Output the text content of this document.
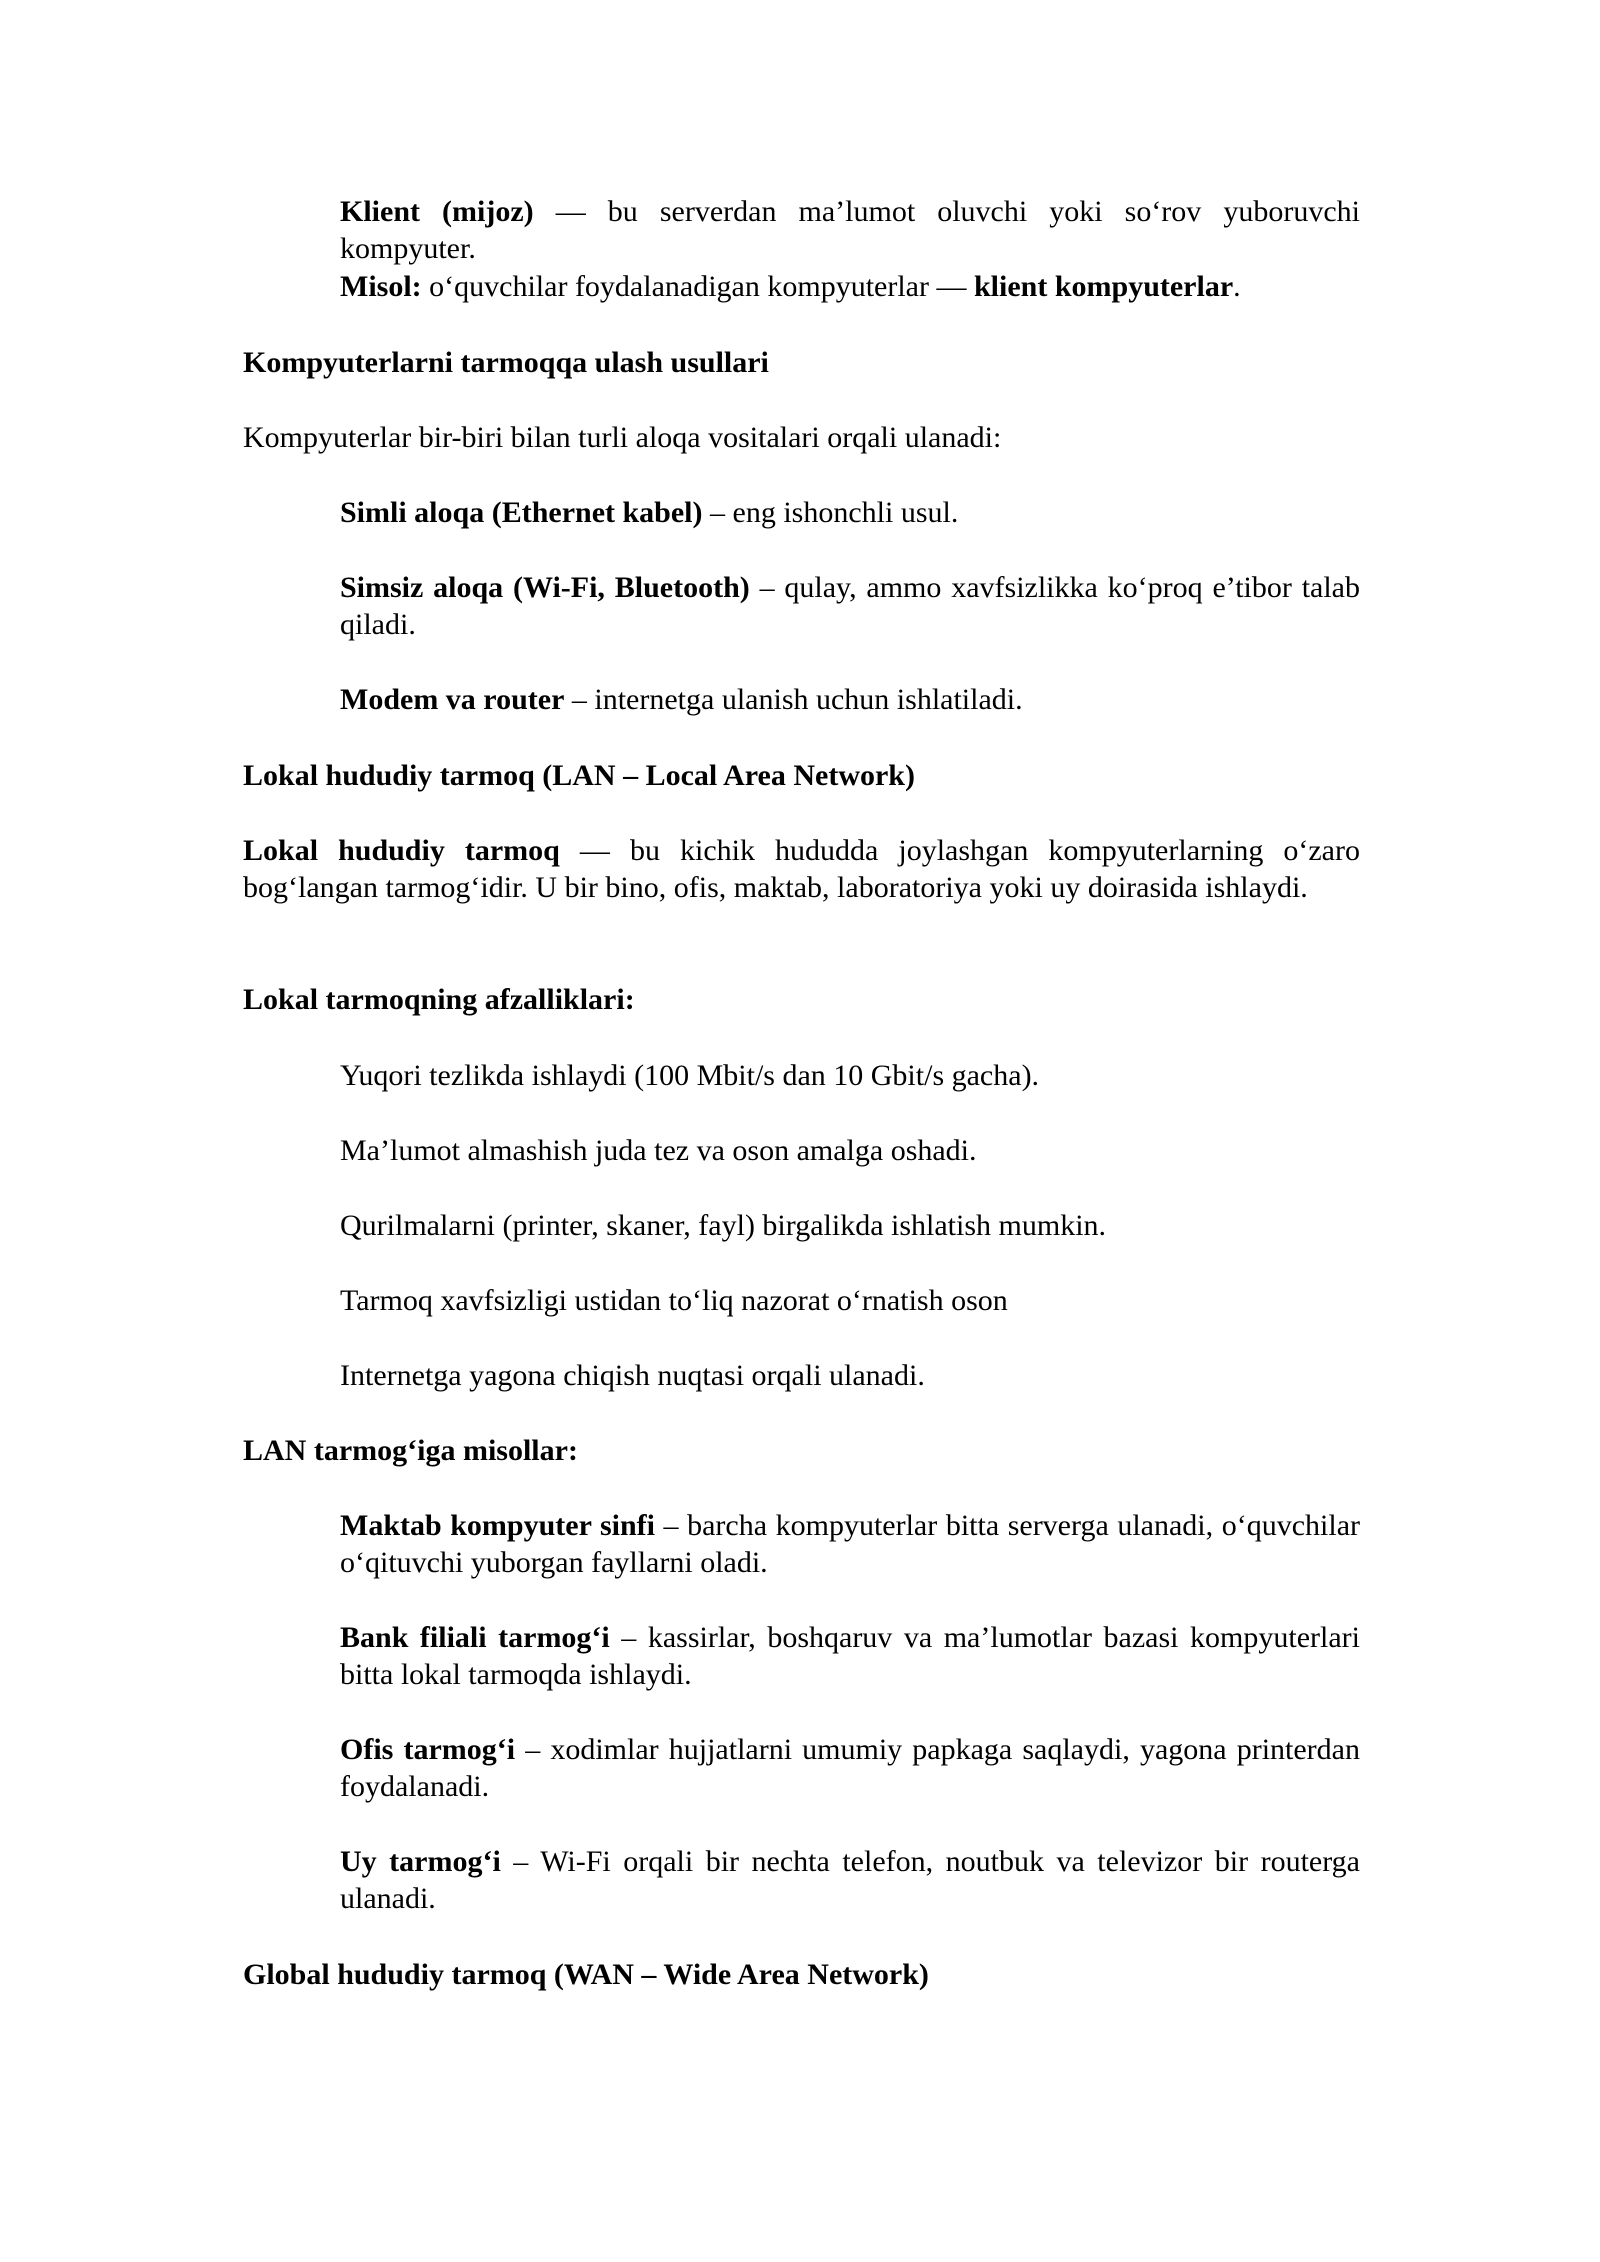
Klient (mijoz) — bu serverdan ma’lumot oluvchi yoki so‘rov yuboruvchi kompyuter.

Misol: o‘quvchilar foydalanadigan kompyuterlar — klient kompyuterlar.

Kompyuterlarni tarmoqqa ulash usullari

Kompyuterlar bir-biri bilan turli aloqa vositalari orqali ulanadi:

Simli aloqa (Ethernet kabel) – eng ishonchli usul.

Simsiz aloqa (Wi-Fi, Bluetooth) – qulay, ammo xavfsizlikka ko‘proq e’tibor talab qiladi.

Modem va router – internetga ulanish uchun ishlatiladi.

Lokal hududiy tarmoq (LAN – Local Area Network)

Lokal hududiy tarmoq — bu kichik hududda joylashgan kompyuterlarning o‘zaro bog‘langan tarmog‘idir. U bir bino, ofis, maktab, laboratoriya yoki uy doirasida ishlaydi.

Lokal tarmoqning afzalliklari:

Yuqori tezlikda ishlaydi (100 Mbit/s dan 10 Gbit/s gacha).

Ma’lumot almashish juda tez va oson amalga oshadi.

Qurilmalarni (printer, skaner, fayl) birgalikda ishlatish mumkin.

Tarmoq xavfsizligi ustidan to‘liq nazorat o‘rnatish oson

Internetga yagona chiqish nuqtasi orqali ulanadi.

LAN tarmog‘iga misollar:

Maktab kompyuter sinfi – barcha kompyuterlar bitta serverga ulanadi, o‘quvchilar o‘qituvchi yuborgan fayllarni oladi.

Bank filiali tarmog‘i – kassirlar, boshqaruv va ma’lumotlar bazasi kompyuterlari bitta lokal tarmoqda ishlaydi.

Ofis tarmog‘i – xodimlar hujjatlarni umumiy papkaga saqlaydi, yagona printerdan foydalanadi.

Uy tarmog‘i – Wi-Fi orqali bir nechta telefon, noutbuk va televizor bir routerga ulanadi.

Global hududiy tarmoq (WAN – Wide Area Network)
